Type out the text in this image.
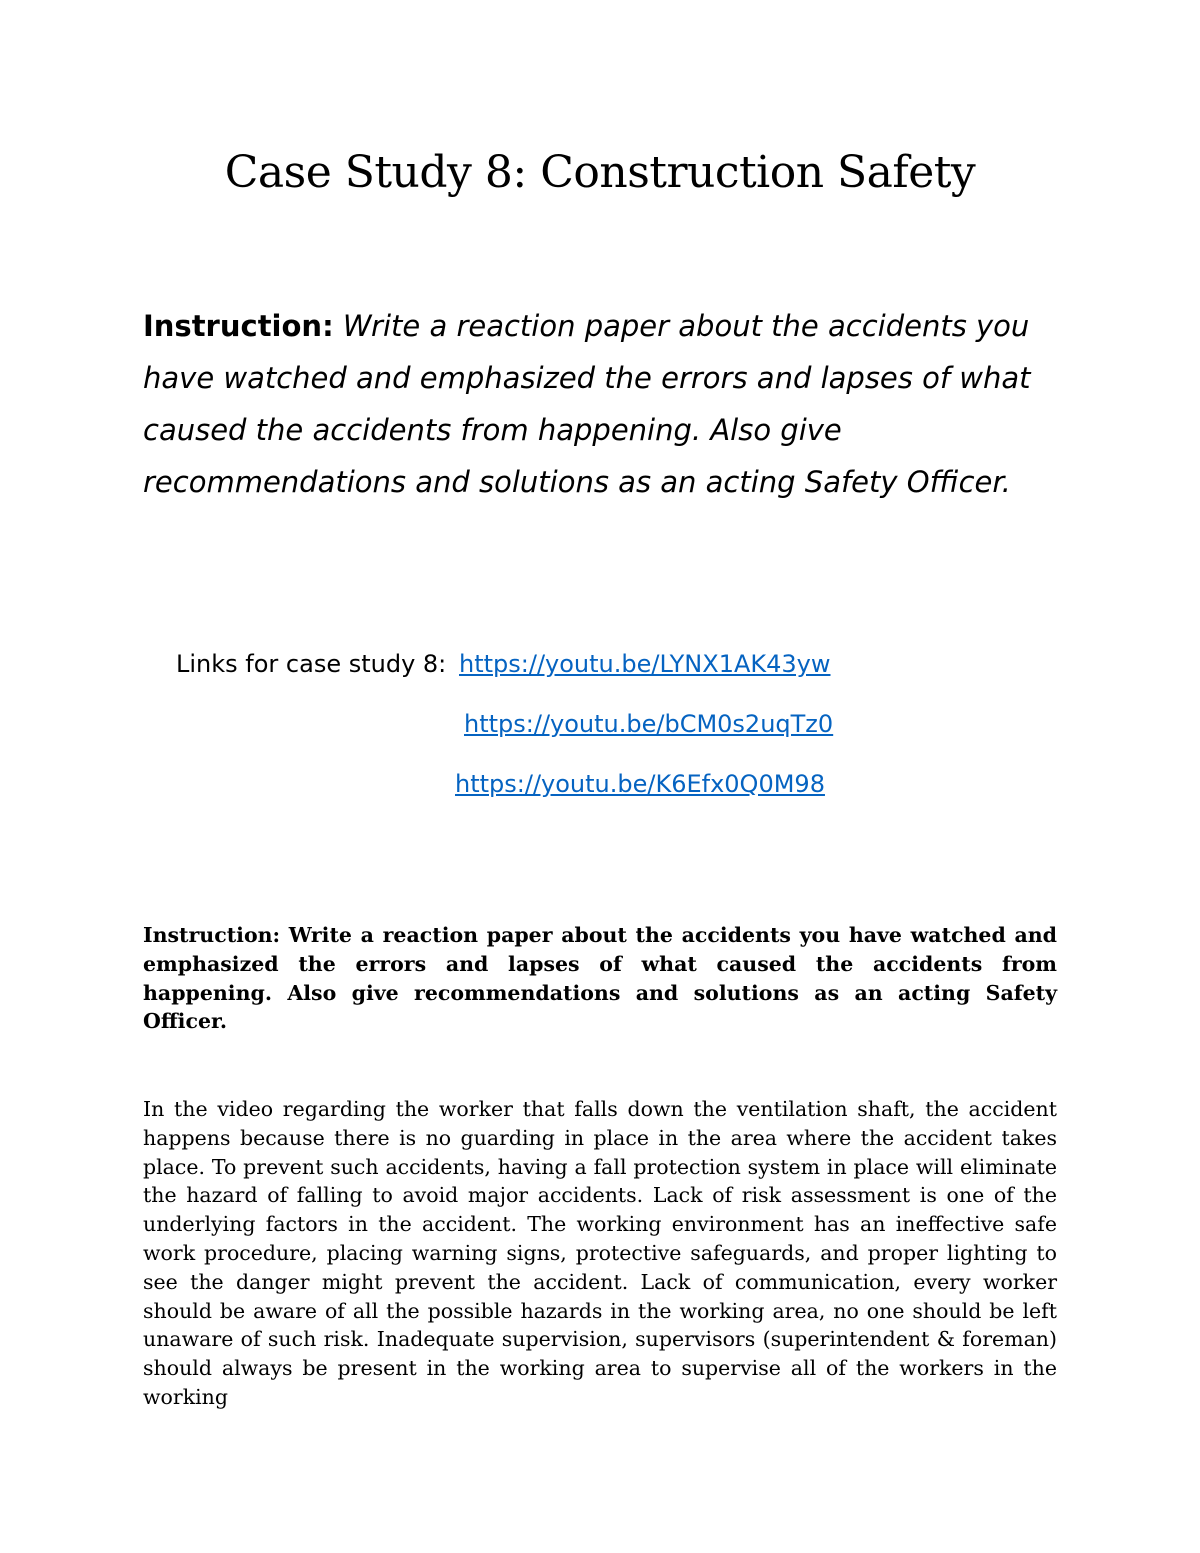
Case Study 8: Construction Safety

Instruction: Write a reaction paper about the accidents you have watched and emphasized the errors and lapses of what caused the accidents from happening. Also give recommendations and solutions as an acting Safety Officer.

Links for case study 8: https://youtu.be/LYNX1AK43yw
https://youtu.be/bCM0s2uqTz0
https://youtu.be/K6Efx0Q0M98

Instruction: Write a reaction paper about the accidents you have watched and emphasized the errors and lapses of what caused the accidents from happening. Also give recommendations and solutions as an acting Safety Officer.

In the video regarding the worker that falls down the ventilation shaft, the accident happens because there is no guarding in place in the area where the accident takes place. To prevent such accidents, having a fall protection system in place will eliminate the hazard of falling to avoid major accidents. Lack of risk assessment is one of the underlying factors in the accident. The working environment has an ineffective safe work procedure, placing warning signs, protective safeguards, and proper lighting to see the danger might prevent the accident. Lack of communication, every worker should be aware of all the possible hazards in the working area, no one should be left unaware of such risk. Inadequate supervision, supervisors (superintendent & foreman) should always be present in the working area to supervise all of the workers in the working
